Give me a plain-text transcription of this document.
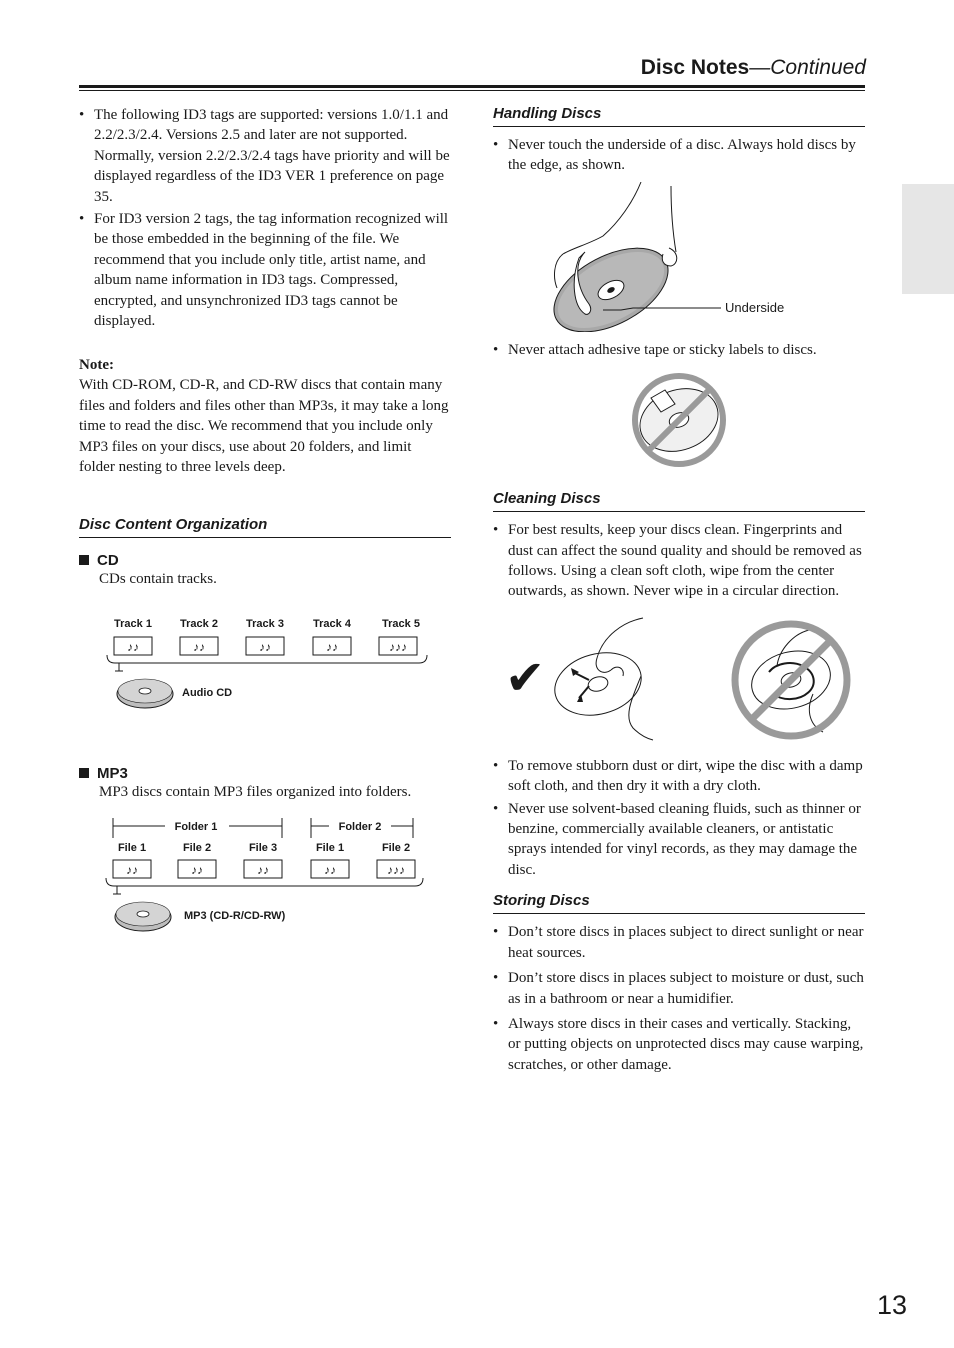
Disc Notes—Continued
• The following ID3 tags are supported: versions 1.0/1.1 and 2.2/2.3/2.4. Versions 2.5 and later are not supported. Normally, version 2.2/2.3/2.4 tags have priority and will be displayed regardless of the ID3 VER 1 preference on page 35.
• For ID3 version 2 tags, the tag information recognized will be those embedded in the beginning of the file. We recommend that you include only title, artist name, and album name information in ID3 tags. Compressed, encrypted, and unsynchronized ID3 tags cannot be displayed.
Note:
With CD-ROM, CD-R, and CD-RW discs that contain many files and folders and files other than MP3s, it may take a long time to read the disc. We recommend that you include only MP3 files on your discs, use about 20 folders, and limit folder nesting to three levels deep.
Disc Content Organization
CD
CDs contain tracks.
Track 1	Track 2	Track 3	Track 4	Track 5
♪♪	♪♪	♪♪	♪♪	♪♪♪
Audio CD
MP3
MP3 discs contain MP3 files organized into folders.
Folder 1	Folder 2
File 1	File 2	File 3	File 1	File 2
♪♪	♪♪	♪♪	♪♪	♪♪♪
MP3 (CD-R/CD-RW)
Handling Discs
• Never touch the underside of a disc. Always hold discs by the edge, as shown.
Underside
• Never attach adhesive tape or sticky labels to discs.
Cleaning Discs
• For best results, keep your discs clean. Fingerprints and dust can affect the sound quality and should be removed as follows. Using a clean soft cloth, wipe from the center outwards, as shown. Never wipe in a circular direction.
✔
• To remove stubborn dust or dirt, wipe the disc with a damp soft cloth, and then dry it with a dry cloth.
• Never use solvent-based cleaning fluids, such as thinner or benzine, commercially available cleaners, or antistatic sprays intended for vinyl records, as they may damage the disc.
Storing Discs
• Don’t store discs in places subject to direct sunlight or near heat sources.
• Don’t store discs in places subject to moisture or dust, such as in a bathroom or near a humidifier.
• Always store discs in their cases and vertically. Stacking, or putting objects on unprotected discs may cause warping, scratches, or other damage.
13
